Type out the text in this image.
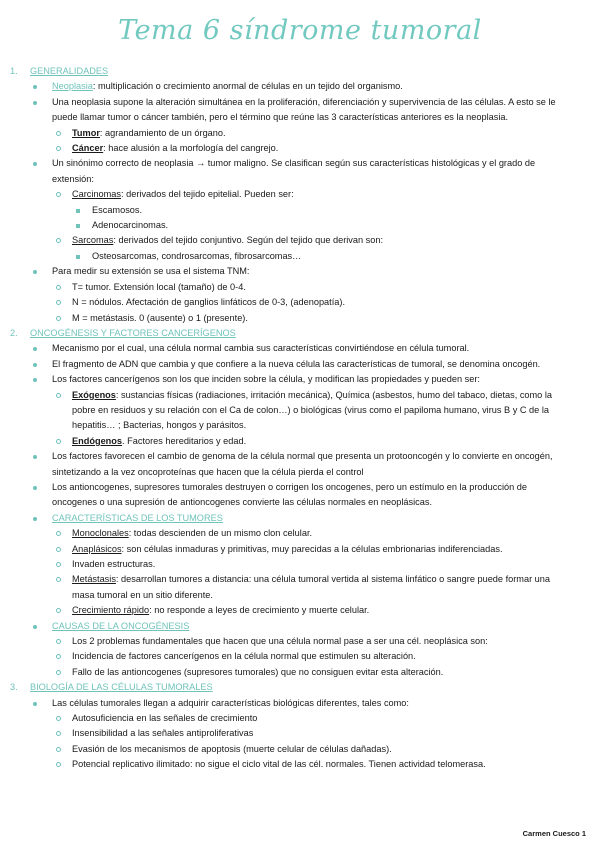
Tema 6 síndrome tumoral
1. GENERALIDADES
Neoplasia: multiplicación o crecimiento anormal de células en un tejido del organismo.
Una neoplasia supone la alteración simultánea en la proliferación, diferenciación y supervivencia de las células. A esto se le puede llamar tumor o cáncer también, pero el término que reúne las 3 características anteriores es la neoplasia.
Tumor: agrandamiento de un órgano.
Cáncer: hace alusión a la morfología del cangrejo.
Un sinónimo correcto de neoplasia → tumor maligno. Se clasifican según sus características histológicas y el grado de extensión:
Carcinomas: derivados del tejido epitelial. Pueden ser:
Escamosos.
Adenocarcinomas.
Sarcomas: derivados del tejido conjuntivo. Según del tejido que derivan son:
Osteosarcomas, condrosarcomas, fibrosarcomas…
Para medir su extensión se usa el sistema TNM:
T= tumor. Extensión local (tamaño) de 0-4.
N = nódulos. Afectación de ganglios linfáticos de 0-3, (adenopatía).
M = metástasis. 0 (ausente) o 1 (presente).
2. ONCOGÉNESIS Y FACTORES CANCERÍGENOS
Mecanismo por el cual, una célula normal cambia sus características convirtiéndose en célula tumoral.
El fragmento de ADN que cambia y que confiere a la nueva célula las características de tumoral, se denomina oncogén.
Los factores cancerígenos son los que inciden sobre la célula, y modifican las propiedades y pueden ser:
Exógenos: sustancias físicas (radiaciones, irritación mecánica), Química (asbestos, humo del tabaco, dietas, como la pobre en residuos y su relación con el Ca de colon…) o biológicas (virus como el papiloma humano, virus B y C de la hepatitis… ; Bacterias, hongos y parásitos.
Endógenos. Factores hereditarios y edad.
Los factores favorecen el cambio de genoma de la célula normal que presenta un protooncogén y lo convierte en oncogén, sintetizando a la vez oncoproteínas que hacen que la célula pierda el control
Los antioncogenes, supresores tumorales destruyen o corrigen los oncogenes, pero un estímulo en la producción de oncogenes o una supresión de antioncogenes convierte las células normales en neoplásicas.
CARACTERÍSTICAS DE LOS TUMORES
Monoclonales: todas descienden de un mismo clon celular.
Anaplásicos: son células inmaduras y primitivas, muy parecidas a la células embrionarias indiferenciadas.
Invaden estructuras.
Metástasis: desarrollan tumores a distancia: una célula tumoral vertida al sistema linfático o sangre puede formar una masa tumoral en un sitio diferente.
Crecimiento rápido: no responde a leyes de crecimiento y muerte celular.
CAUSAS DE LA ONCOGÉNESIS
Los 2 problemas fundamentales que hacen que una célula normal pase a ser una cél. neoplásica son:
Incidencia de factores cancerígenos en la célula normal que estimulen su alteración.
Fallo de las antioncogenes (supresores tumorales) que no consiguen evitar esta alteración.
3. BIOLOGÍA DE LAS CÉLULAS TUMORALES
Las células tumorales llegan a adquirir características biológicas diferentes, tales como:
Autosuficiencia en las señales de crecimiento
Insensibilidad a las señales antiproliferativas
Evasión de los mecanismos de apoptosis (muerte celular de células dañadas).
Potencial replicativo ilimitado: no sigue el ciclo vital de las cél. normales. Tienen actividad telomerasa.
Carmen Cuesco 1
